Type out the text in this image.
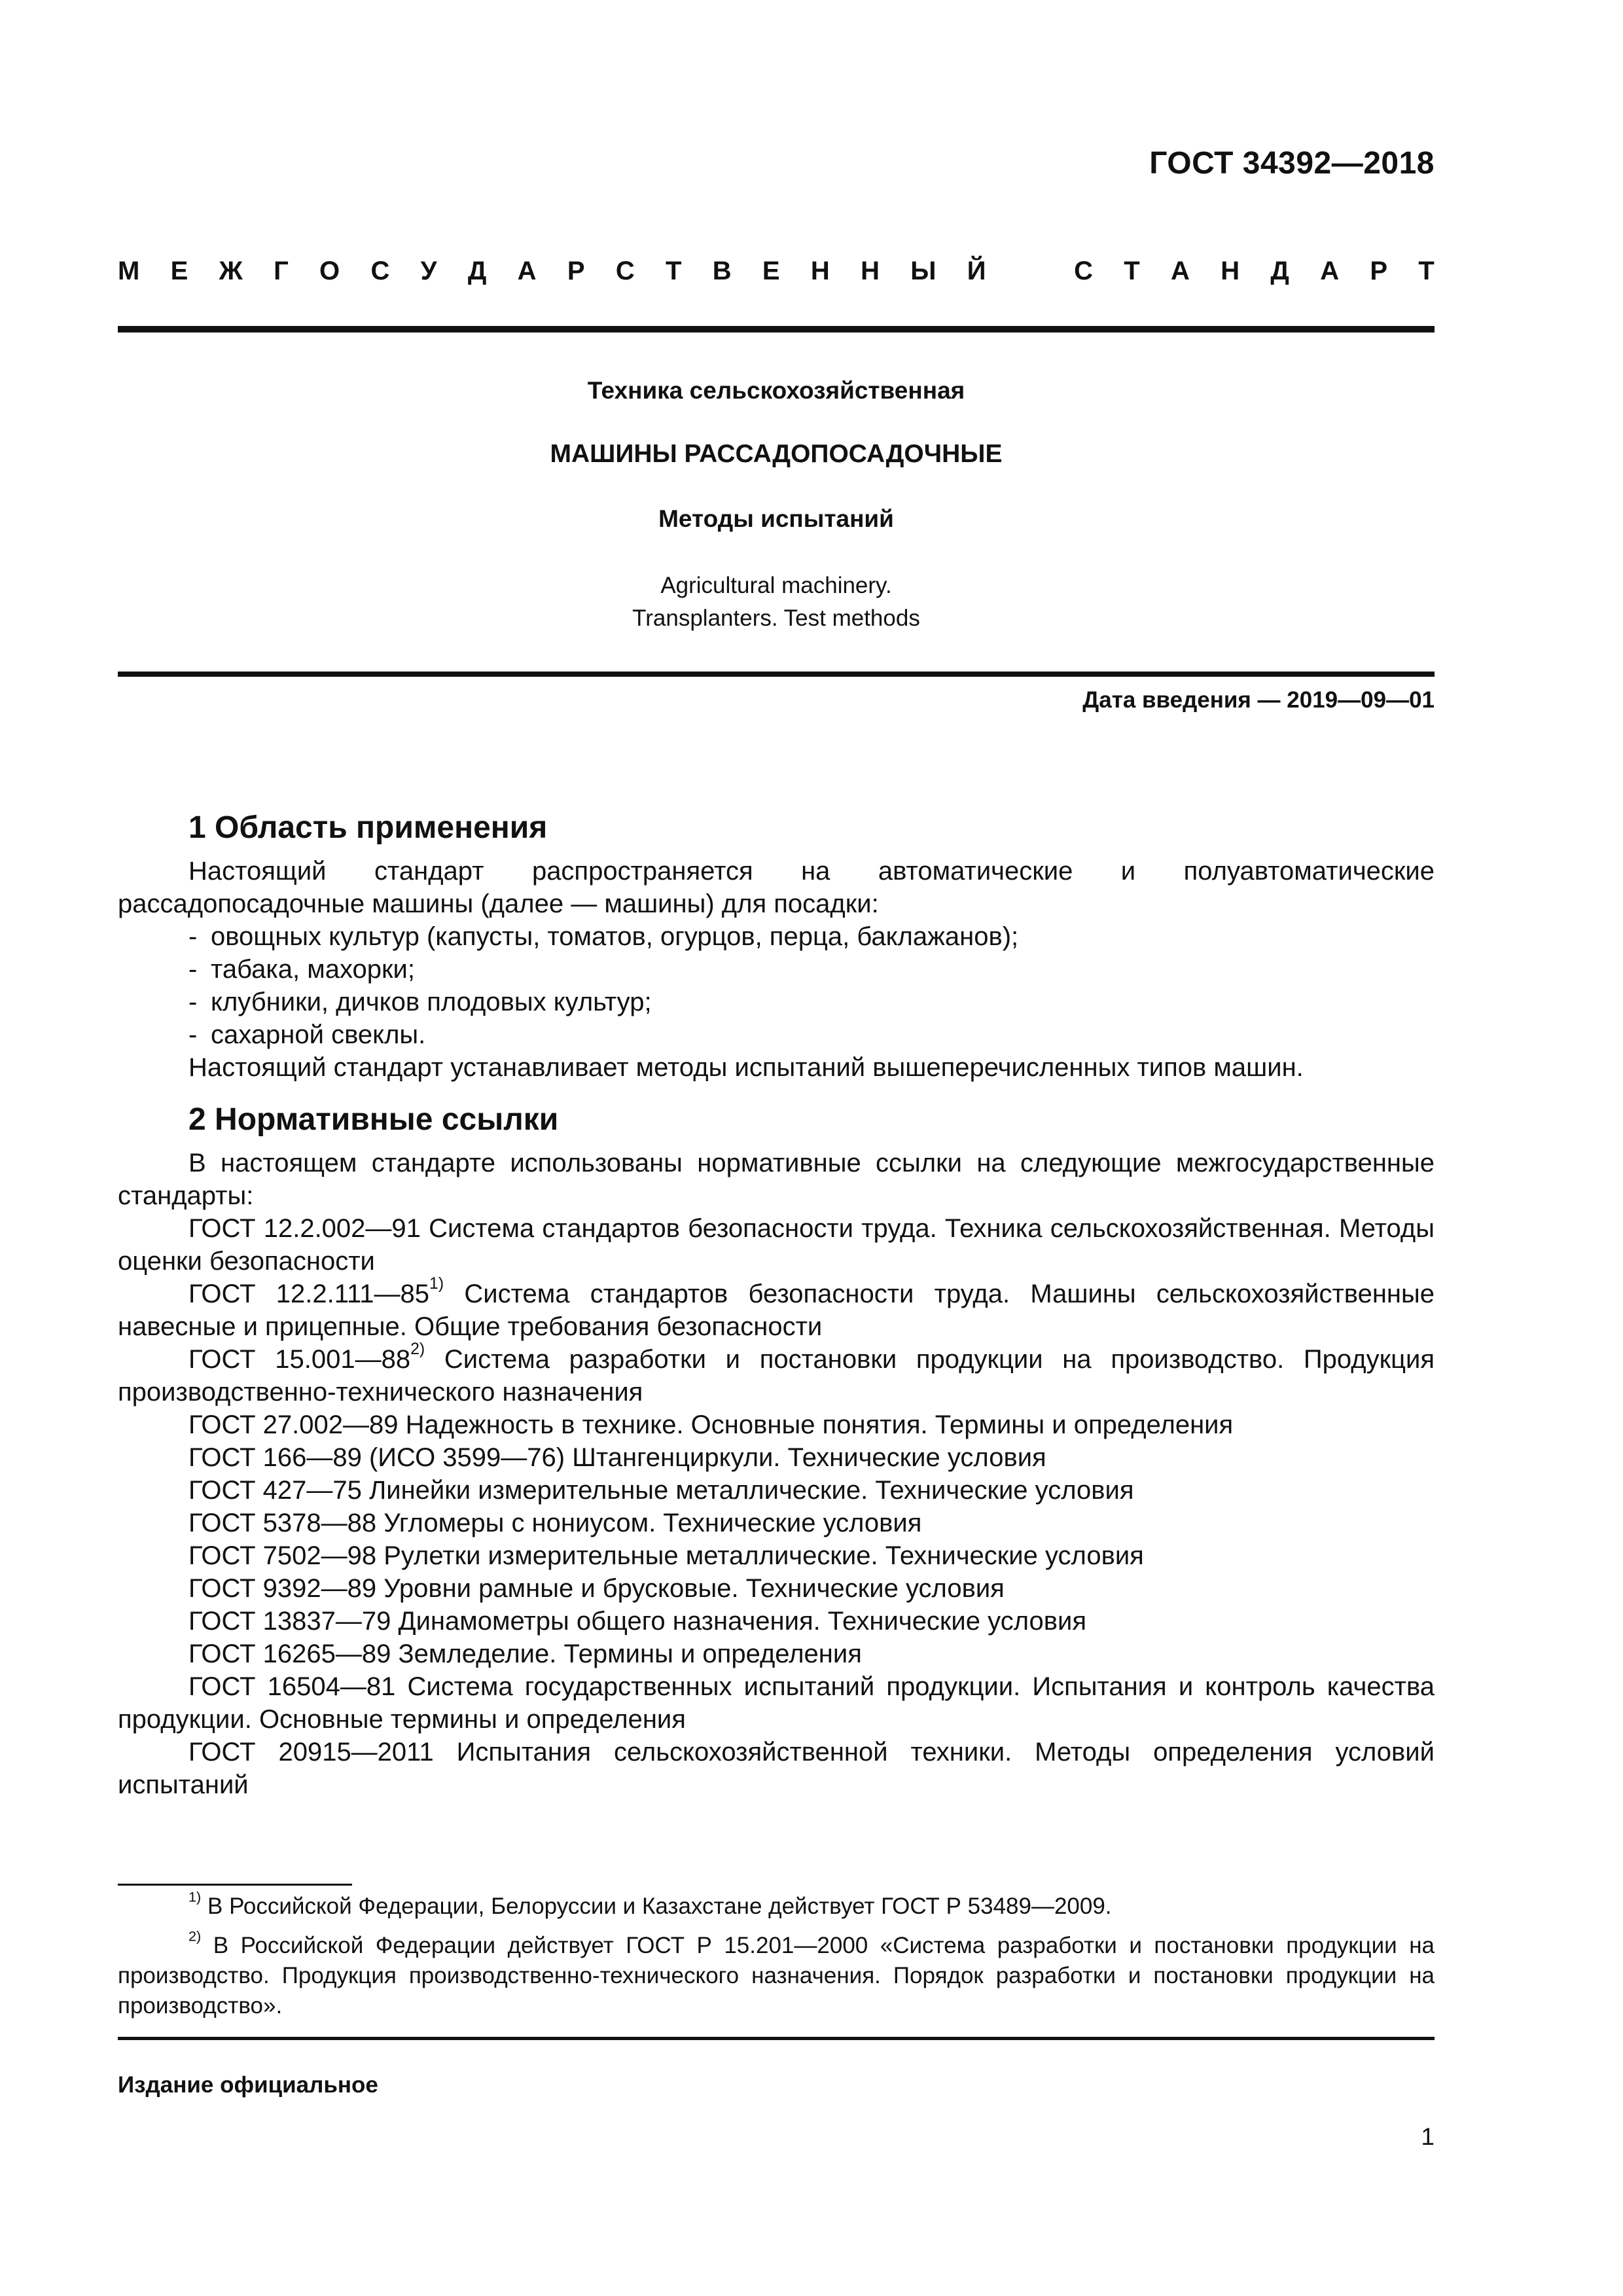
ГОСТ 34392—2018
М Е Ж Г О С У Д А Р С Т В Е Н Н Ы Й	С Т А Н Д А Р Т
Техника сельскохозяйственная
МАШИНЫ РАССАДОПОСАДОЧНЫЕ
Методы испытаний
Agricultural machinery.
Transplanters. Test methods
Дата введения — 2019—09—01
1 Область применения

Настоящий стандарт распространяется на автоматические и полуавтоматические рассадопосадочные машины (далее — машины) для посадки:

- овощных культур (капусты, томатов, огурцов, перца, баклажанов);
- табака, махорки;
- клубники, дичков плодовых культур;
- сахарной свеклы.

Настоящий стандарт устанавливает методы испытаний вышеперечисленных типов машин.

2 Нормативные ссылки

В настоящем стандарте использованы нормативные ссылки на следующие межгосударственные стандарты:

ГОСТ 12.2.002—91 Система стандартов безопасности труда. Техника сельскохозяйственная. Методы оценки безопасности

ГОСТ 12.2.111—85$^{1)}$ Система стандартов безопасности труда. Машины сельскохозяйственные навесные и прицепные. Общие требования безопасности

ГОСТ 15.001—88$^{2)}$ Система разработки и постановки продукции на производство. Продукция производственно-технического назначения

ГОСТ 27.002—89 Надежность в технике. Основные понятия. Термины и определения

ГОСТ 166—89 (ИСО 3599—76) Штангенциркули. Технические условия

ГОСТ 427—75 Линейки измерительные металлические. Технические условия

ГОСТ 5378—88 Угломеры с нониусом. Технические условия

ГОСТ 7502—98 Рулетки измерительные металлические. Технические условия

ГОСТ 9392—89 Уровни рамные и брусковые. Технические условия

ГОСТ 13837—79 Динамометры общего назначения. Технические условия

ГОСТ 16265—89 Земледелие. Термины и определения

ГОСТ 16504—81 Система государственных испытаний продукции. Испытания и контроль качества продукции. Основные термины и определения

ГОСТ 20915—2011 Испытания сельскохозяйственной техники. Методы определения условий испытаний

$^{1)}$ В Российской Федерации, Белоруссии и Казахстане действует ГОСТ Р 53489—2009.

$^{2)}$ В Российской Федерации действует ГОСТ Р 15.201—2000 «Система разработки и постановки продукции на производство. Продукция производственно-технического назначения. Порядок разработки и постановки продукции на производство».

Издание официальное
1
